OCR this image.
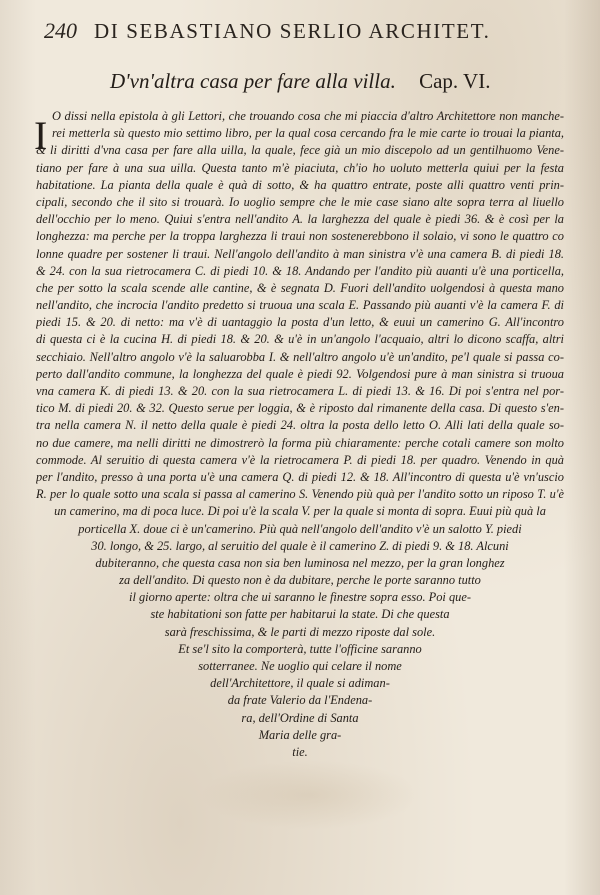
240 DI SEBASTIANO SERLIO ARCHITET.
D'vn'altra casa per fare alla villa. Cap. VI.
I O dissi nella epistola à gli Lettori, che trouando cosa che mi piaccia d'altro Architettore non manche-
rei metterla sù questo mio settimo libro, per la qual cosa cercando fra le mie carte io trouai la pianta,
& li diritti d'vna casa per fare alla uilla, la quale, fece già un mio discepolo ad un gentilhuomo Vene-
tiano per fare à una sua uilla. Questa tanto m'è piaciuta, ch'io ho uoluto metterla quiui per la festa
habitatione. La pianta della quale è quà di sotto, & ha quattro entrate, poste alli quattro venti prin-
cipali, secondo che il sito si trouarà. Io uoglio sempre che le mie case siano alte sopra terra al liuello
dell'occhio per lo meno. Quiui s'entra nell'andito A. la larghezza del quale è piedi 36. & è così per la
longhezza: ma perche per la troppa larghezza li traui non sostenerebbono il solaio, vi sono le quattro co
lonne quadre per sostener li traui. Nell'angolo dell'andito à man sinistra v'è una camera B. di piedi 18.
& 24. con la sua rietrocamera C. di piedi 10. & 18. Andando per l'andito più auanti u'è una porticella,
che per sotto la scala scende alle cantine, & è segnata D. Fuori dell'andito uolgendosi à questa mano
nell'andito, che incrocia l'andito predetto si truoua una scala E. Passando più auanti v'è la camera F. di
piedi 15. & 20. di netto: ma v'è di uantaggio la posta d'un letto, & euui un camerino G. All'incontro
di questa ci è la cucina H. di piedi 18. & 20. & u'è in un'angolo l'acquaio, altri lo dicono scaffa, altri
secchiaio. Nell'altro angolo v'è la saluarobba I. & nell'altro angolo u'è un'andito, pe'l quale si passa co-
perto dall'andito commune, la longhezza del quale è piedi 92. Volgendosi pure à man sinistra si truoua
vna camera K. di piedi 13. & 20. con la sua rietrocamera L. di piedi 13. & 16. Di poi s'entra nel por-
tico M. di piedi 20. & 32. Questo serue per loggia, & è riposto dal rimanente della casa. Di questo s'en-
tra nella camera N. il netto della quale è piedi 24. oltra la posta dello letto O. Alli lati della quale so-
no due camere, ma nelli diritti ne dimostrerò la forma più chiaramente: perche cotali camere son molto
commode. Al seruitio di questa camera v'è la rietrocamera P. di piedi 18. per quadro. Venendo in quà
per l'andito, presso à una porta u'è una camera Q. di piedi 12. & 18. All'incontro di questa u'è vn'uscio
R. per lo quale sotto una scala si passa al camerino S. Venendo più quà per l'andito sotto un riposo T. u'è
un camerino, ma di poca luce. Di poi u'è la scala V. per la quale si monta di sopra. Euui più quà la
porticella X. doue ci è un'camerino. Più quà nell'angolo dell'andito v'è un salotto Y. piedi
30. longo, & 25. largo, al seruitio del quale è il camerino Z. di piedi 9. & 18. Alcuni
dubiteranno, che questa casa non sia ben luminosa nel mezzo, per la gran longhez
za dell'andito. Di questo non è da dubitare, perche le porte saranno tutto
il giorno aperte: oltra che ui saranno le finestre sopra esso. Poi que-
ste habitationi son fatte per habitarui la state. Di che questa
sarà freschissima, & le parti di mezzo riposte dal sole.
Et se'l sito la comporterà, tutte l'officine saranno
sotterranee. Ne uoglio qui celare il nome
dell'Architettore, il quale si adiman-
da frate Valerio da l'Endena-
ra, dell'Ordine di Santa
Maria delle gra-
tie.
